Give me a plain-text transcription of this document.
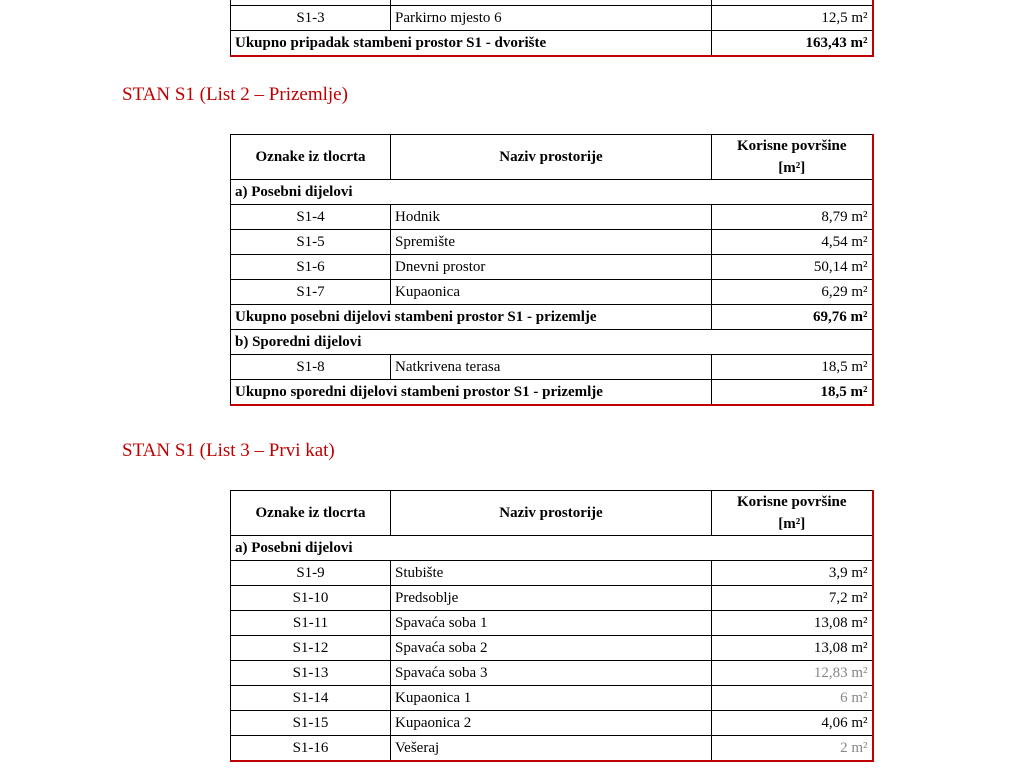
S1-3	Parkirno mjesto 6	12,5 m²
Ukupno pripadak stambeni prostor S1 - dvorište		163,43 m²
STAN S1 (List 2 – Prizemlje)
Oznake iz tlocrta	Naziv prostorije	Korisne površine
[m²]
a) Posebni dijelovi		
S1-4	Hodnik	8,79 m²
S1-5	Spremište	4,54 m²
S1-6	Dnevni prostor	50,14 m²
S1-7	Kupaonica	6,29 m²
Ukupno posebni dijelovi stambeni prostor S1 - prizemlje		69,76 m²
b) Sporedni dijelovi		
S1-8	Natkrivena terasa	18,5 m²
Ukupno sporedni dijelovi stambeni prostor S1 - prizemlje		18,5 m²
STAN S1 (List 3 – Prvi kat)
Oznake iz tlocrta	Naziv prostorije	Korisne površine
[m²]
a) Posebni dijelovi		
S1-9	Stubište	3,9 m²
S1-10	Predsoblje	7,2 m²
S1-11	Spavaća soba 1	13,08 m²
S1-12	Spavaća soba 2	13,08 m²
S1-13	Spavaća soba 3	12,83 m²
S1-14	Kupaonica 1	6 m²
S1-15	Kupaonica 2	4,06 m²
S1-16	Vešeraj	2 m²
